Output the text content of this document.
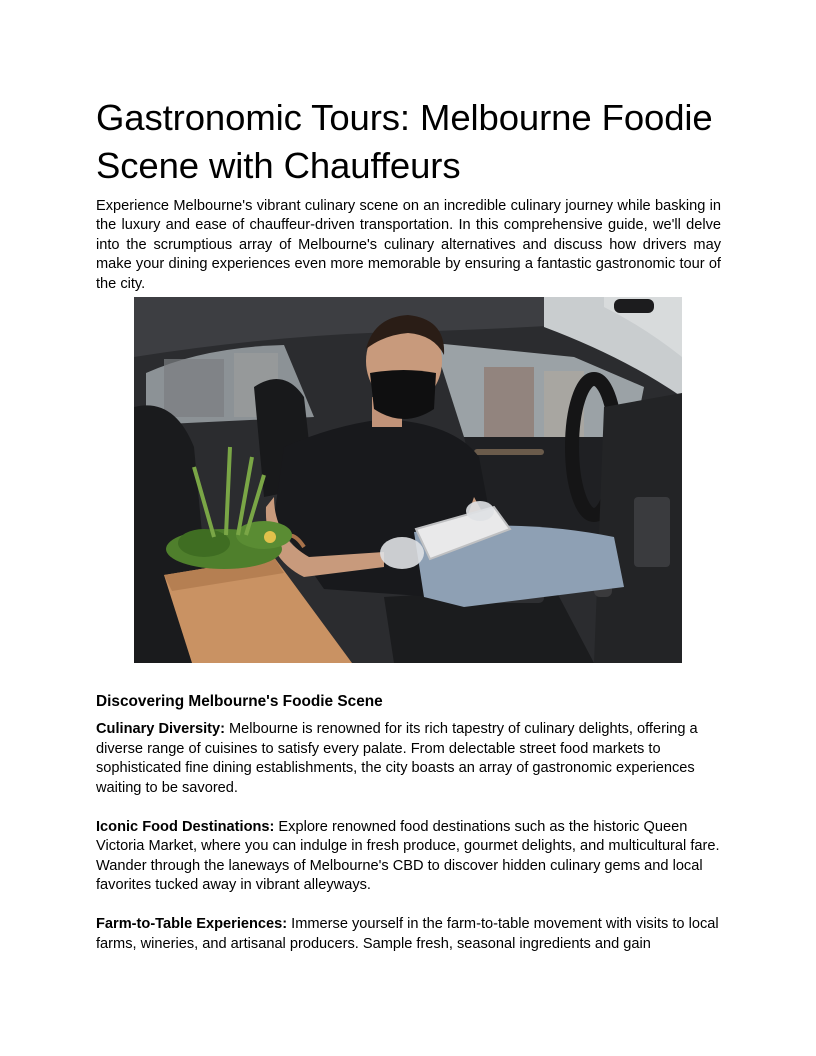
Gastronomic Tours: Melbourne Foodie Scene with Chauffeurs

Experience Melbourne's vibrant culinary scene on an incredible culinary journey while basking in the luxury and ease of chauffeur-driven transportation. In this comprehensive guide, we'll delve into the scrumptious array of Melbourne's culinary alternatives and discuss how drivers may make your dining experiences even more memorable by ensuring a fantastic gastronomic tour of the city.

Discovering Melbourne's Foodie Scene

Culinary Diversity: Melbourne is renowned for its rich tapestry of culinary delights, offering a diverse range of cuisines to satisfy every palate. From delectable street food markets to sophisticated fine dining establishments, the city boasts an array of gastronomic experiences waiting to be savored.

Iconic Food Destinations: Explore renowned food destinations such as the historic Queen Victoria Market, where you can indulge in fresh produce, gourmet delights, and multicultural fare. Wander through the laneways of Melbourne's CBD to discover hidden culinary gems and local favorites tucked away in vibrant alleyways.

Farm-to-Table Experiences: Immerse yourself in the farm-to-table movement with visits to local farms, wineries, and artisanal producers. Sample fresh, seasonal ingredients and gain
